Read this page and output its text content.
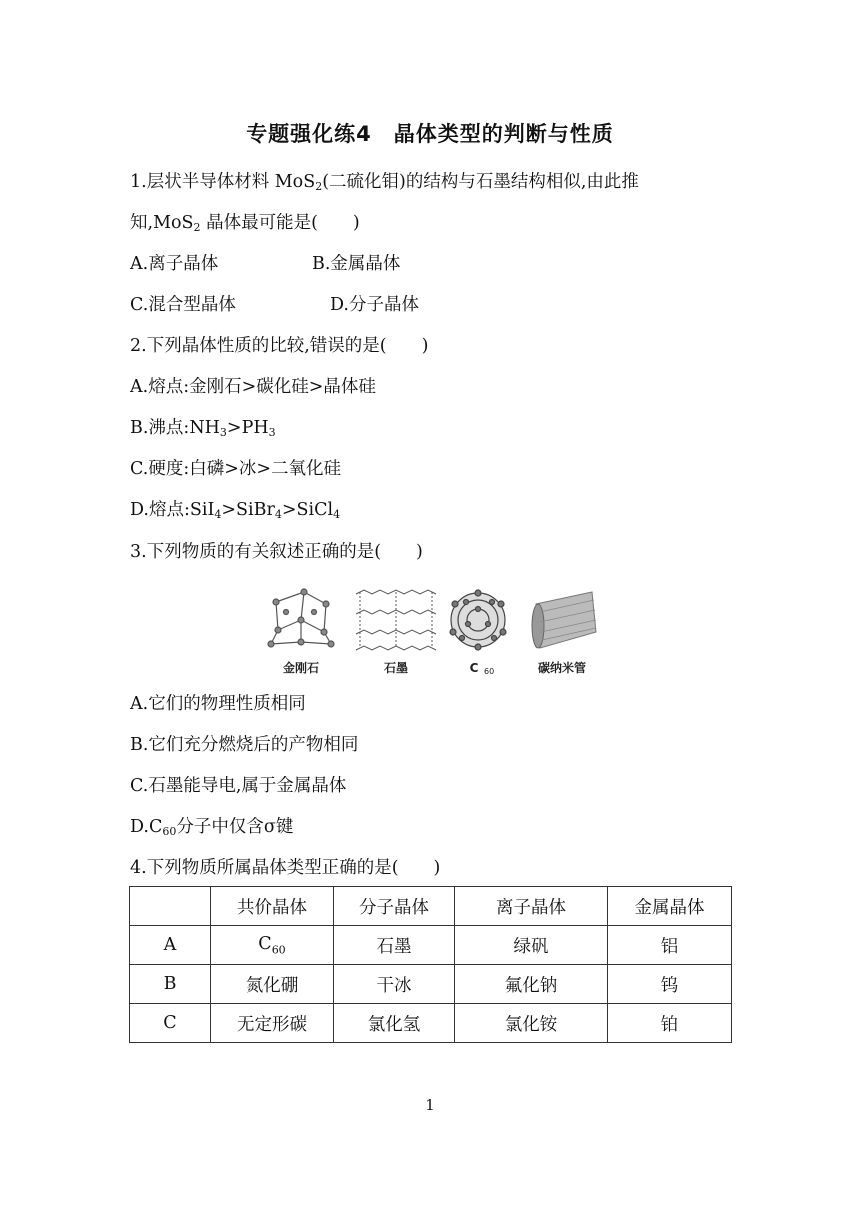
专题强化练4　晶体类型的判断与性质
1.层状半导体材料 MoS$_2$(二硫化钼)的结构与石墨结构相似,由此推
知,MoS$_2$ 晶体最可能是(　　)
A.离子晶体	B.金属晶体
C.混合型晶体	D.分子晶体
2.下列晶体性质的比较,错误的是(　　)
A.熔点:金刚石>碳化硅>晶体硅
B.沸点$:NH_3>PH_3$
C.硬度:白磷>冰>二氧化硅
D.熔点:SiI$_4$>SiBr$_4$>SiCl$_4$
3.下列物质的有关叙述正确的是(　　)
金刚石	石墨	C 60	碳纳米管
A.它们的物理性质相同
B.它们充分燃烧后的产物相同
C.石墨能导电,属于金属晶体
$D.C_{60}$分子中仅含σ键
4.下列物质所属晶体类型正确的是(　　)
	共价晶体	分子晶体	离子晶体	金属晶体
A	$C_{60}$	石墨	绿矾	铝
B	氮化硼	干冰	氟化钠	钨
C	无定形碳	氯化氢	氯化铵	铂
1
